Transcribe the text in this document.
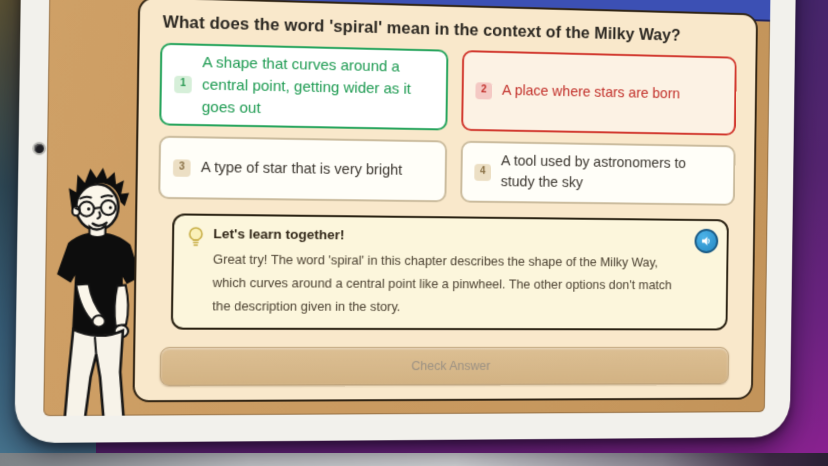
What does the word 'spiral' mean in the context of the Milky Way?
1
A shape that curves around a central point, getting wider as it goes out
2	A place where stars are born
3	A type of star that is very bright	4	A tool used by astronomers to study the sky
Let's learn together!
Great try! The word 'spiral' in this chapter describes the shape of the Milky Way, which curves around a central point like a pinwheel. The other options don't match the description given in the story.
Check Answer
